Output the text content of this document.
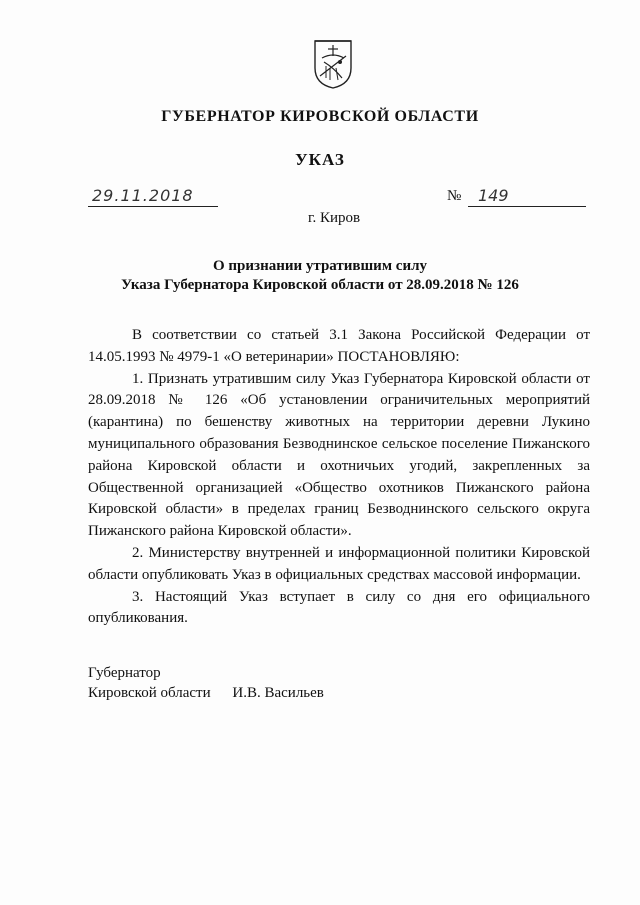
ГУБЕРНАТОР КИРОВСКОЙ ОБЛАСТИ
УКАЗ
29.11.2018	№ 149
г. Киров
О признании утратившим силу
Указа Губернатора Кировской области от 28.09.2018 № 126

В соответствии со статьей 3.1 Закона Российской Федерации от 14.05.1993 № 4979-1 «О ветеринарии» ПОСТАНОВЛЯЮ:

1. Признать утратившим силу Указ Губернатора Кировской области от 28.09.2018 № 126 «Об установлении ограничительных мероприятий (карантина) по бешенству животных на территории деревни Лукино муниципального образования Безводнинское сельское поселение Пижанского района Кировской области и охотничьих угодий, закрепленных за Общественной организацией «Общество охотников Пижанского района Кировской области» в пределах границ Безводнинского сельского округа Пижанского района Кировской области».

2. Министерству внутренней и информационной политики Кировской области опубликовать Указ в официальных средствах массовой информации.

3. Настоящий Указ вступает в силу со дня его официального опубликования.

Губернатор
Кировской области И.В. Васильев
